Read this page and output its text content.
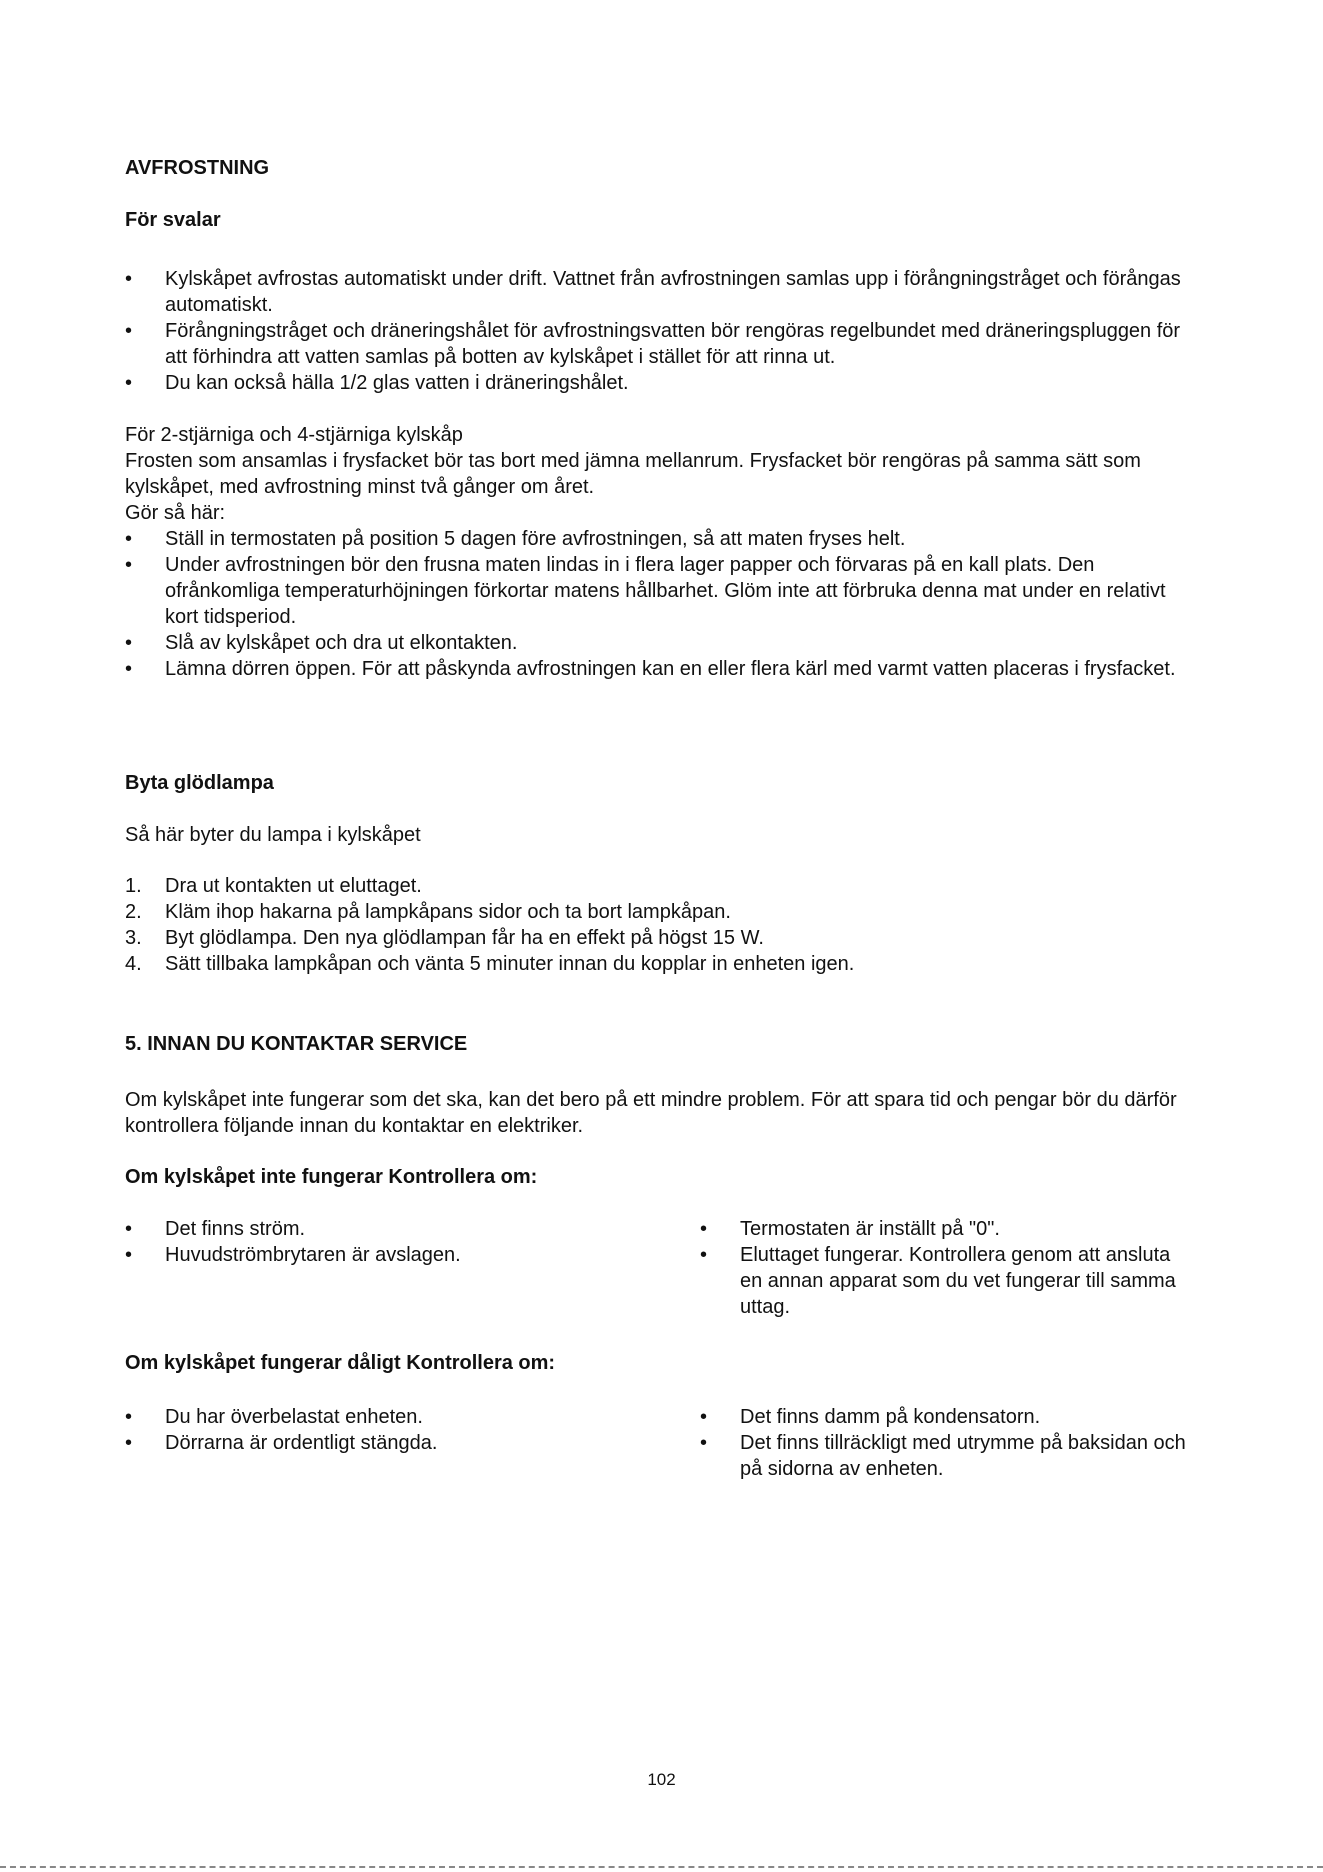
AVFROSTNING
För svalar
• Kylskåpet avfrostas automatiskt under drift. Vattnet från avfrostningen samlas upp i förångningstråget och förångas automatiskt.
• Förångningstråget och dräneringshålet för avfrostningsvatten bör rengöras regelbundet med dräneringspluggen för att förhindra att vatten samlas på botten av kylskåpet i stället för att rinna ut.
• Du kan också hälla 1/2 glas vatten i dräneringshålet.

För 2-stjärniga och 4-stjärniga kylskåp

Frosten som ansamlas i frysfacket bör tas bort med jämna mellanrum. Frysfacket bör rengöras på samma sätt som kylskåpet, med avfrostning minst två gånger om året.

Gör så här:

• Ställ in termostaten på position 5 dagen före avfrostningen, så att maten fryses helt.
• Under avfrostningen bör den frusna maten lindas in i flera lager papper och förvaras på en kall plats. Den ofrånkomliga temperaturhöjningen förkortar matens hållbarhet. Glöm inte att förbruka denna mat under en relativt kort tidsperiod.
• Slå av kylskåpet och dra ut elkontakten.
• Lämna dörren öppen. För att påskynda avfrostningen kan en eller flera kärl med varmt vatten placeras i frysfacket.
Byta glödlampa

Så här byter du lampa i kylskåpet

1. Dra ut kontakten ut eluttaget.
2. Kläm ihop hakarna på lampkåpans sidor och ta bort lampkåpan.
3. Byt glödlampa. Den nya glödlampan får ha en effekt på högst 15 W.
4. Sätt tillbaka lampkåpan och vänta 5 minuter innan du kopplar in enheten igen.
5. INNAN DU KONTAKTAR SERVICE

Om kylskåpet inte fungerar som det ska, kan det bero på ett mindre problem. För att spara tid och pengar bör du därför kontrollera följande innan du kontaktar en elektriker.

Om kylskåpet inte fungerar Kontrollera om:
• Det finns ström.
• Huvudströmbrytaren är avslagen.
• Termostaten är inställt på "0".
• Eluttaget fungerar. Kontrollera genom att ansluta en annan apparat som du vet fungerar till samma uttag.
Om kylskåpet fungerar dåligt Kontrollera om:
• Du har överbelastat enheten.
• Dörrarna är ordentligt stängda.
• Det finns damm på kondensatorn.
• Det finns tillräckligt med utrymme på baksidan och på sidorna av enheten.
102
